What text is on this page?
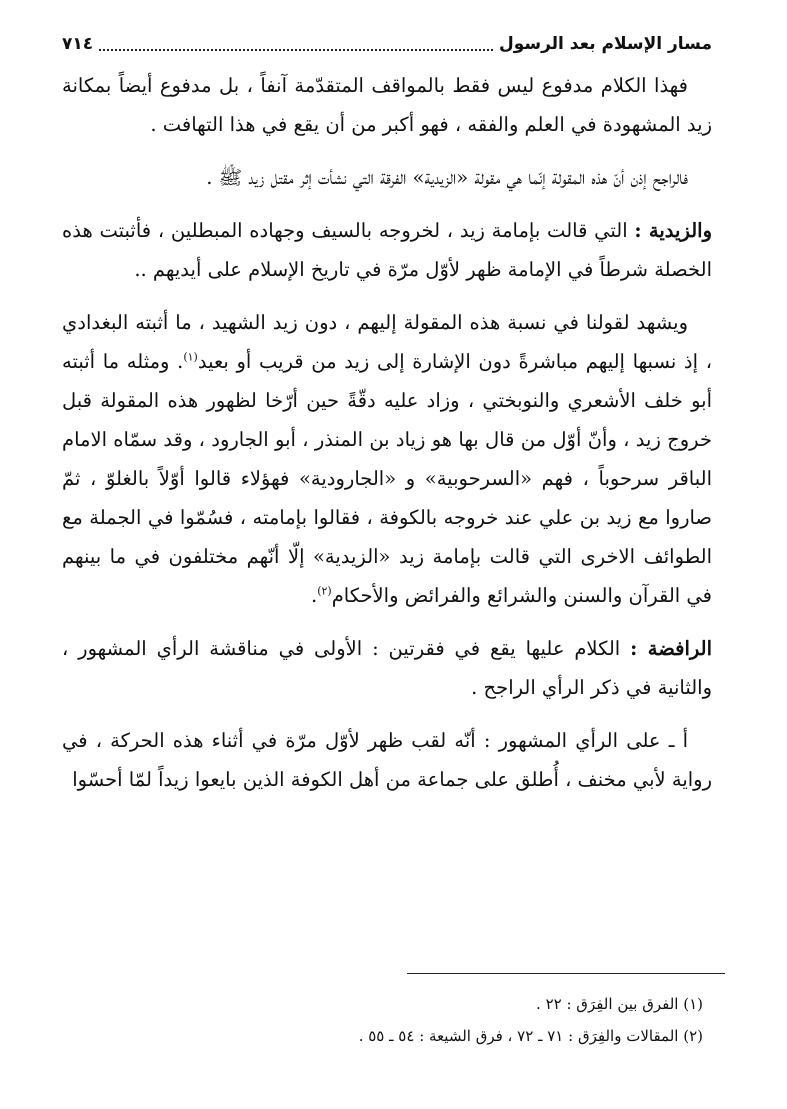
مسار الإسلام بعد الرسول
٧١٤

فهذا الكلام مدفوع ليس فقط بالمواقف المتقدّمة آنفاً ، بل مدفوع أيضاً بمكانة زيد المشهودة في العلم والفقه ، فهو أكبر من أن يقع في هذا التهافت .

فالراجح إذن أنّ هذه المقولة إنّما هي مقولة «الزيدية» الفرقة التي نشأت إثر مقتل زيد ﷺ .

والزيدية : التي قالت بإمامة زيد ، لخروجه بالسيف وجهاده المبطلين ، فأثبتت هذه الخصلة شرطاً في الإمامة ظهر لأوّل مرّة في تاريخ الإسلام على أيديهم ..

ويشهد لقولنا في نسبة هذه المقولة إليهم ، دون زيد الشهيد ، ما أثبته البغدادي ، إذ نسبها إليهم مباشرةً دون الإشارة إلى زيد من قريب أو بعيد$^{(١)}$. ومثله ما أثبته أبو خلف الأشعري والنوبختي ، وزاد عليه دقّةً حين أرّخا لظهور هذه المقولة قبل خروج زيد ، وأنّ أوّل من قال بها هو زياد بن المنذر ، أبو الجارود ، وقد سمّاه الامام الباقر سرحوباً ، فهم «السرحوبية» و «الجارودية» فهؤلاء قالوا أوّلاً بالغلوّ ، ثمّ صاروا مع زيد بن علي عند خروجه بالكوفة ، فقالوا بإمامته ، فسُمّوا في الجملة مع الطوائف الاخرى التي قالت بإمامة زيد «الزيدية» إلّا أنّهم مختلفون في ما بينهم في القرآن والسنن والشرائع والفرائض والأحكام$^{(٢)}$.

الرافضة : الكلام عليها يقع في فقرتين : الأولى في مناقشة الرأي المشهور ، والثانية في ذكر الرأي الراجح .

أ ـ على الرأي المشهور : أنّه لقب ظهر لأوّل مرّة في أثناء هذه الحركة ، في رواية لأبي مخنف ، أُطلق على جماعة من أهل الكوفة الذين بايعوا زيداً لمّا أحسّوا

(١) الفرق بين الفِرَق : ٢٢ .
(٢) المقالات والفِرَق : ٧١ ـ ٧٢ ، فرق الشيعة : ٥٤ ـ ٥٥ .
